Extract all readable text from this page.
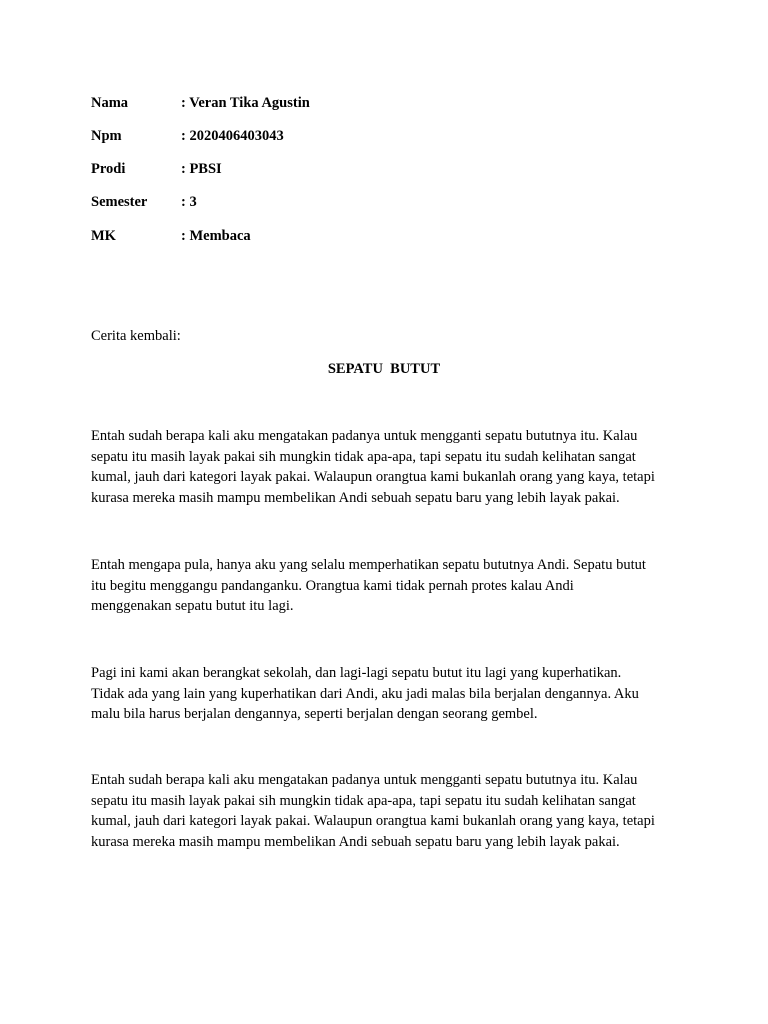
Nama	: Veran Tika Agustin
Npm	: 2020406403043
Prodi	: PBSI
Semester : 3
MK	: Membaca
Cerita kembali:
SEPATU  BUTUT
Entah sudah berapa kali aku mengatakan padanya untuk mengganti sepatu bututnya itu. Kalau
sepatu itu masih layak pakai sih mungkin tidak apa-apa, tapi sepatu itu sudah kelihatan sangat
kumal, jauh dari kategori layak pakai. Walaupun orangtua kami bukanlah orang yang kaya, tetapi
kurasa mereka masih mampu membelikan Andi sebuah sepatu baru yang lebih layak pakai.
Entah mengapa pula, hanya aku yang selalu memperhatikan sepatu bututnya Andi. Sepatu butut
itu begitu menggangu pandanganku. Orangtua kami tidak pernah protes kalau Andi
menggenakan sepatu butut itu lagi.
Pagi ini kami akan berangkat sekolah, dan lagi-lagi sepatu butut itu lagi yang kuperhatikan.
Tidak ada yang lain yang kuperhatikan dari Andi, aku jadi malas bila berjalan dengannya. Aku
malu bila harus berjalan dengannya, seperti berjalan dengan seorang gembel.
Entah sudah berapa kali aku mengatakan padanya untuk mengganti sepatu bututnya itu. Kalau
sepatu itu masih layak pakai sih mungkin tidak apa-apa, tapi sepatu itu sudah kelihatan sangat
kumal, jauh dari kategori layak pakai. Walaupun orangtua kami bukanlah orang yang kaya, tetapi
kurasa mereka masih mampu membelikan Andi sebuah sepatu baru yang lebih layak pakai.
